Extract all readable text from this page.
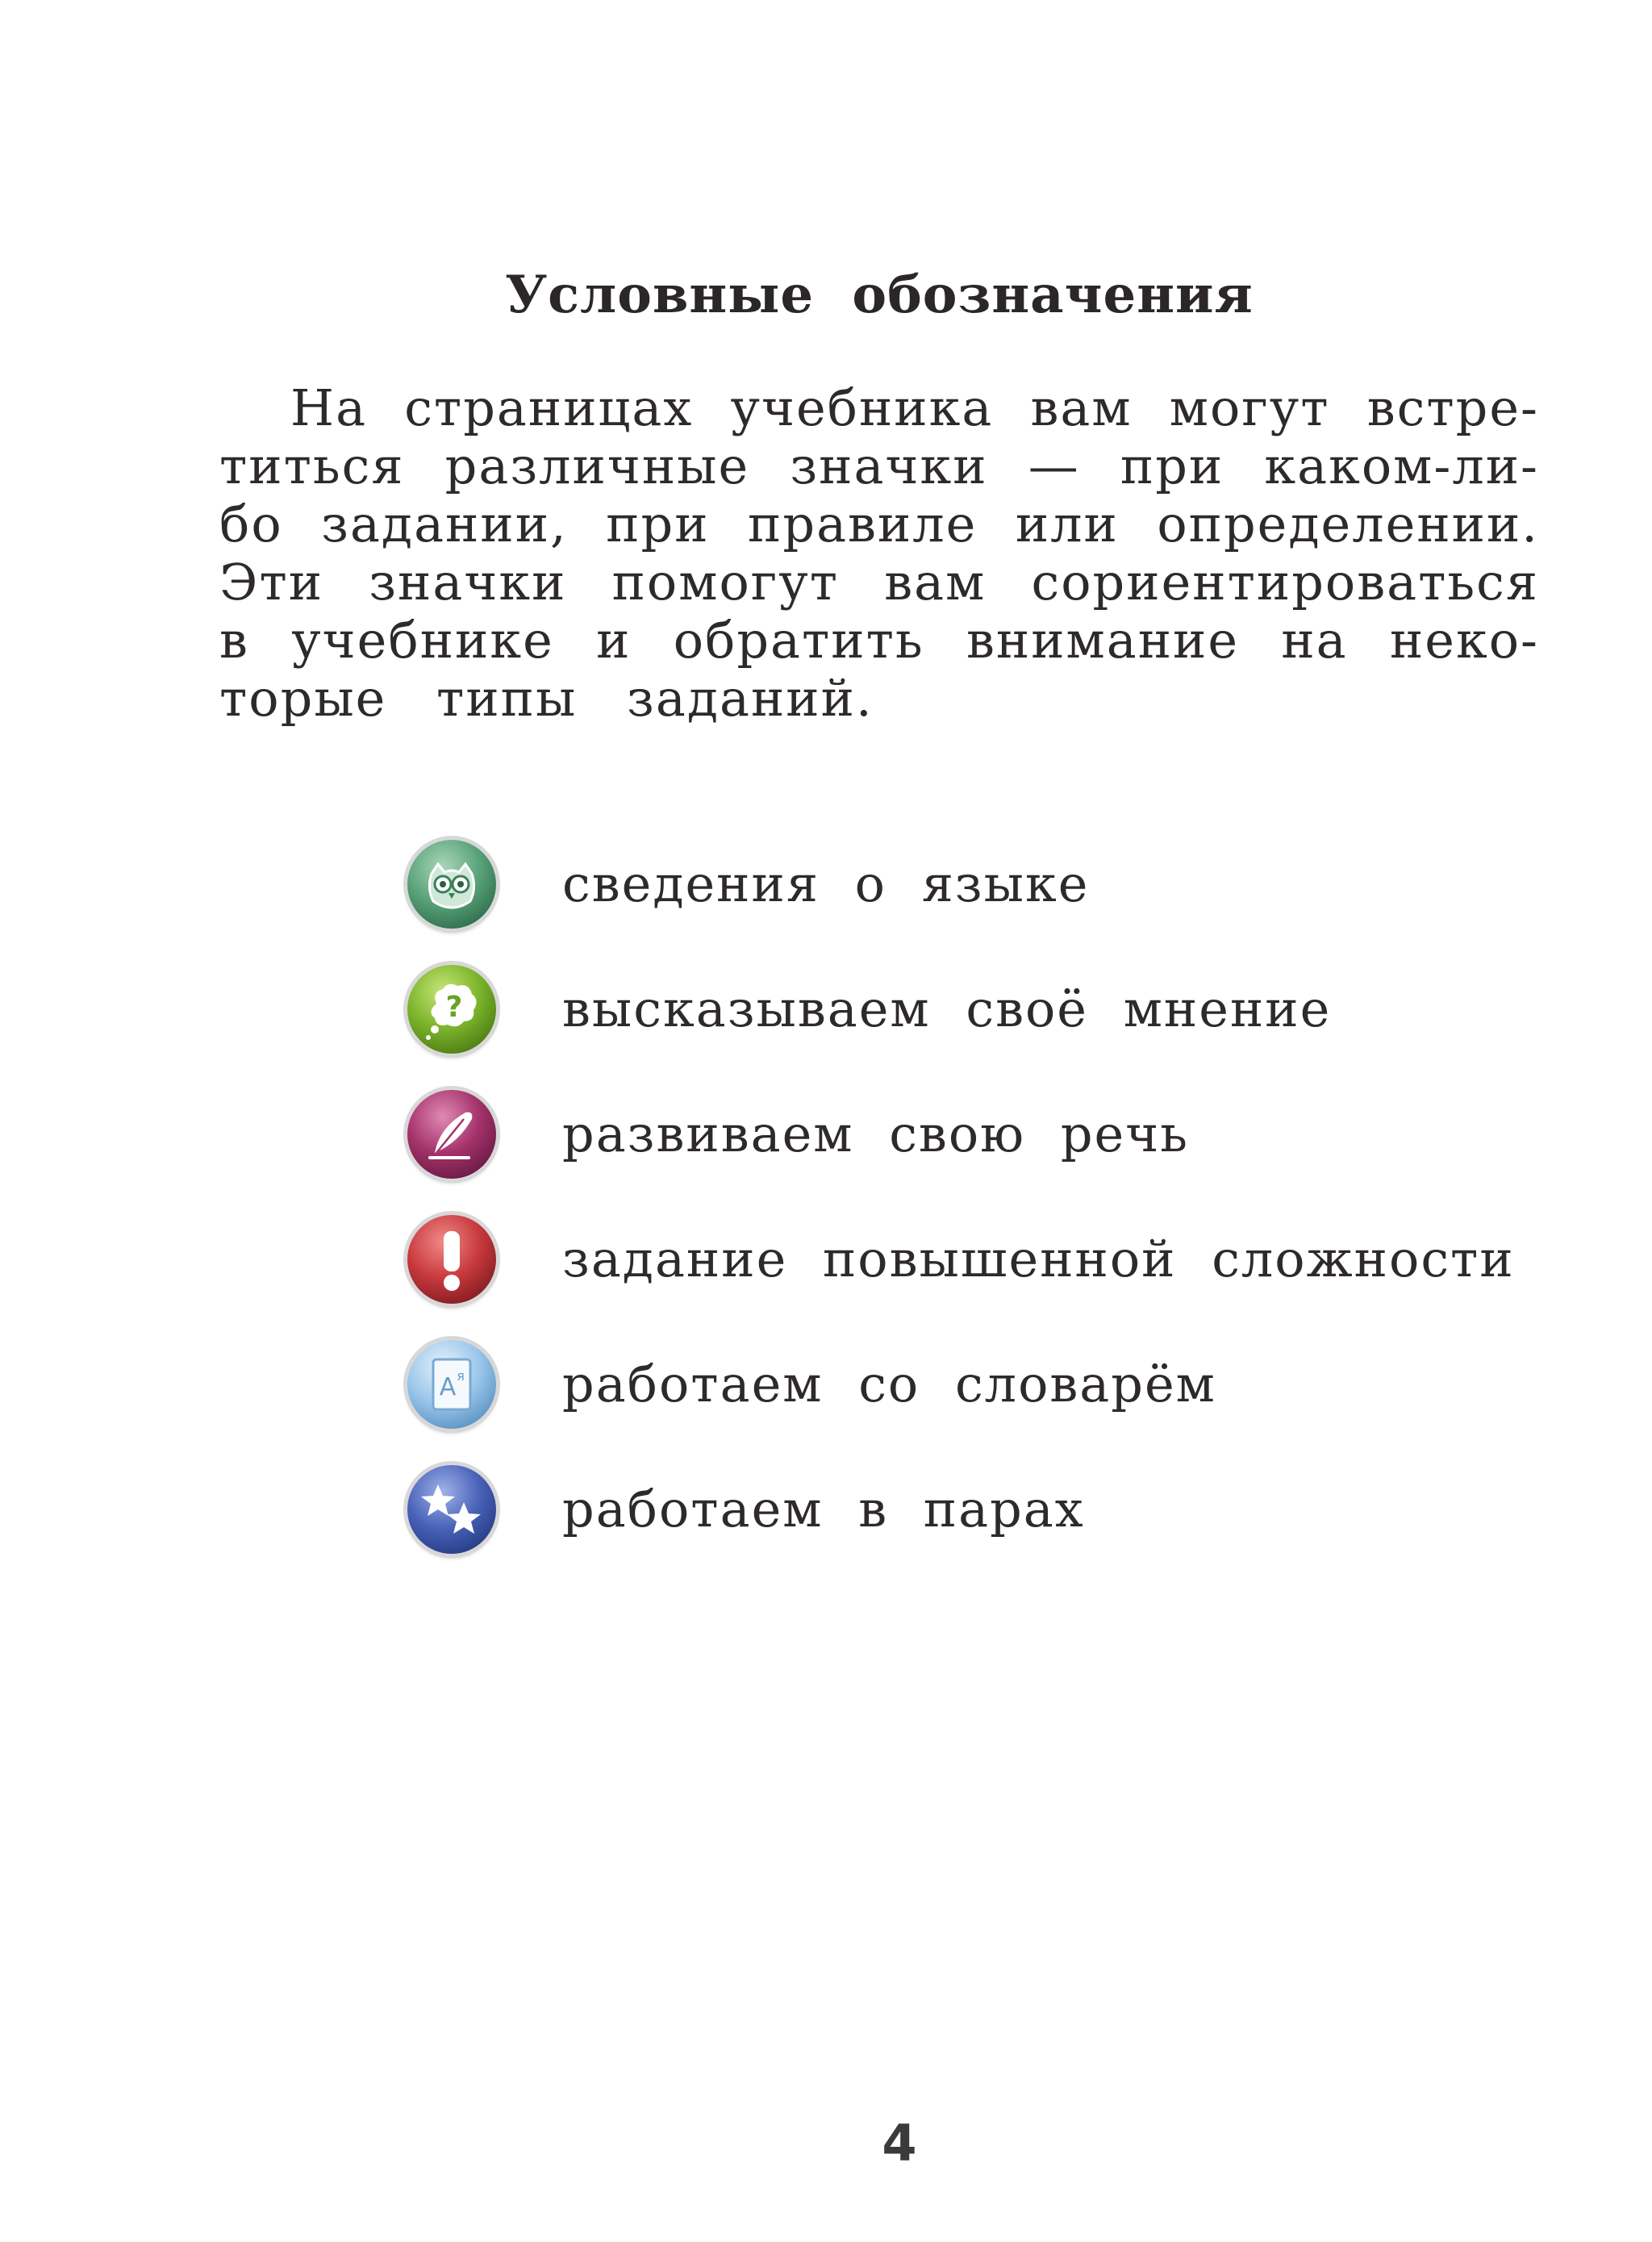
Условные обозначения

На страницах учебника вам могут встре-
титься различные значки — при каком-ли-
бо задании, при правиле или определении.
Эти значки помогут вам сориентироваться
в учебнике и обратить внимание на неко-
торые типы заданий.

сведения о языке
? высказываем своё мнение
развиваем свою речь
задание повышенной сложности
A я работаем со словарём
работаем в парах
4
